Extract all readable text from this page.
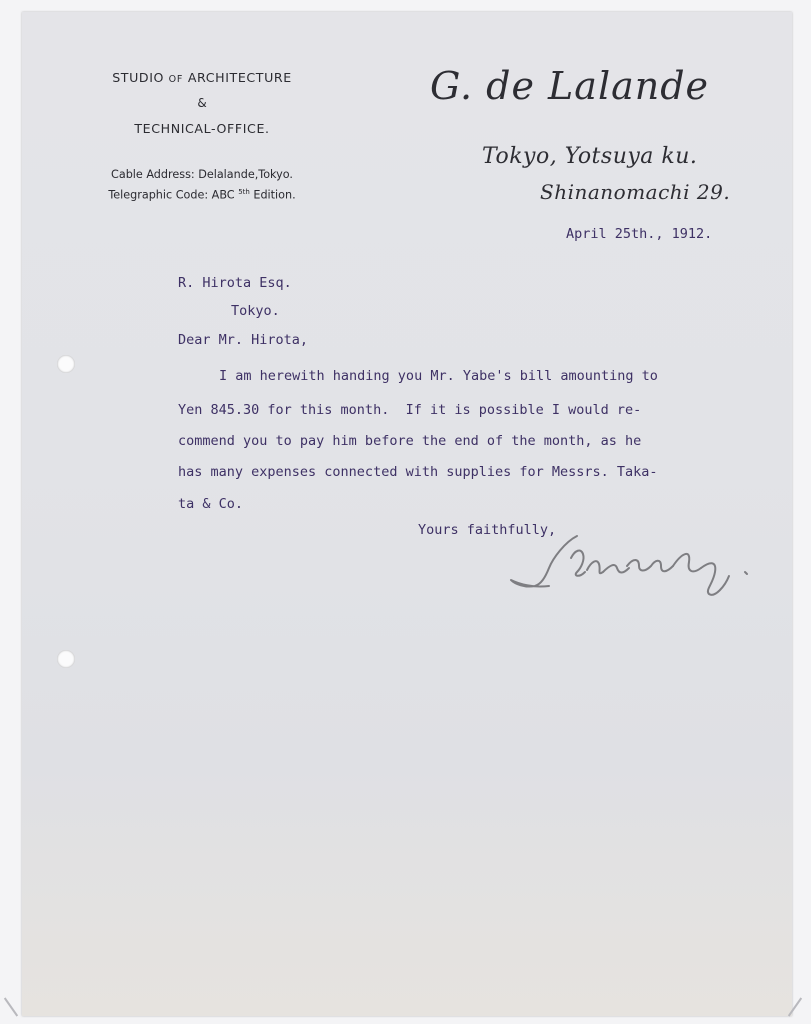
STUDIO OF ARCHITECTURE
&
TECHNICAL-OFFICE.
Cable Address: Delalande,Tokyo.
Telegraphic Code: ABC $^{5th}$ Edition.
G. de Lalande
Tokyo, Yotsuya ku.
Shinanomachi 29.
April 25th., 1912.
R. Hirota Esq.
Tokyo.
Dear Mr. Hirota,
I am herewith handing you Mr. Yabe's bill amounting to
Yen 845.30 for this month.  If it is possible I would re-
commend you to pay him before the end of the month, as he
has many expenses connected with supplies for Messrs. Taka-
ta & Co.
Yours faithfully,
